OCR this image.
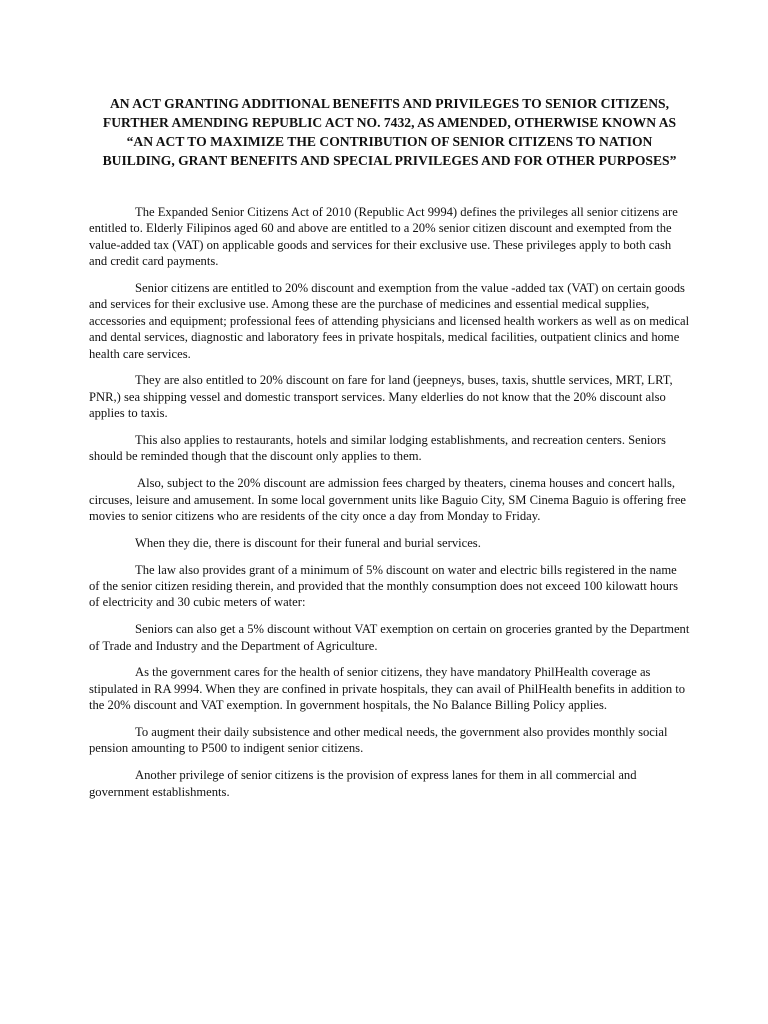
AN ACT GRANTING ADDITIONAL BENEFITS AND PRIVILEGES TO SENIOR CITIZENS,
FURTHER AMENDING REPUBLIC ACT NO. 7432, AS AMENDED, OTHERWISE KNOWN AS
“AN ACT TO MAXIMIZE THE CONTRIBUTION OF SENIOR CITIZENS TO NATION
BUILDING, GRANT BENEFITS AND SPECIAL PRIVILEGES AND FOR OTHER PURPOSES”

The Expanded Senior Citizens Act of 2010 (Republic Act 9994) defines the privileges all senior citizens are entitled to. Elderly Filipinos aged 60 and above are entitled to a 20% senior citizen discount and exempted from the value-added tax (VAT) on applicable goods and services for their exclusive use. These privileges apply to both cash and credit card payments.

Senior citizens are entitled to 20% discount and exemption from the value -added tax (VAT) on certain goods and services for their exclusive use. Among these are the purchase of medicines and essential medical supplies, accessories and equipment; professional fees of attending physicians and licensed health workers as well as on medical and dental services, diagnostic and laboratory fees in private hospitals, medical facilities, outpatient clinics and home health care services.

They are also entitled to 20% discount on fare for land (jeepneys, buses, taxis, shuttle services, MRT, LRT, PNR,) sea shipping vessel and domestic transport services. Many elderlies do not know that the 20% discount also applies to taxis.

This also applies to restaurants, hotels and similar lodging establishments, and recreation centers. Seniors should be reminded though that the discount only applies to them.

Also, subject to the 20% discount are admission fees charged by theaters, cinema houses and concert halls, circuses, leisure and amusement. In some local government units like Baguio City, SM Cinema Baguio is offering free movies to senior citizens who are residents of the city once a day from Monday to Friday.

When they die, there is discount for their funeral and burial services.

The law also provides grant of a minimum of 5% discount on water and electric bills registered in the name of the senior citizen residing therein, and provided that the monthly consumption does not exceed 100 kilowatt hours of electricity and 30 cubic meters of water:

Seniors can also get a 5% discount without VAT exemption on certain on groceries granted by the Department of Trade and Industry and the Department of Agriculture.

As the government cares for the health of senior citizens, they have mandatory PhilHealth coverage as stipulated in RA 9994. When they are confined in private hospitals, they can avail of PhilHealth benefits in addition to the 20% discount and VAT exemption. In government hospitals, the No Balance Billing Policy applies.

To augment their daily subsistence and other medical needs, the government also provides monthly social pension amounting to P500 to indigent senior citizens.

Another privilege of senior citizens is the provision of express lanes for them in all commercial and government establishments.
